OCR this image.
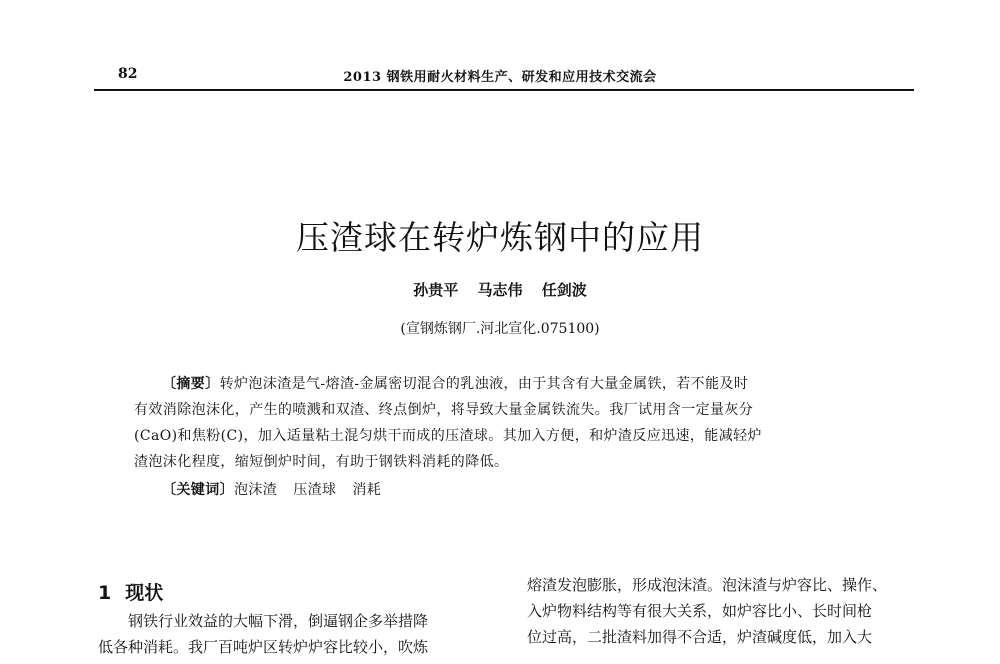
82	2013 钢铁用耐火材料生产、研发和应用技术交流会
压渣球在转炉炼钢中的应用
孙贵平 马志伟 任剑波
(宣钢炼钢厂.河北宣化.075100)

〔摘要〕转炉泡沫渣是气-熔渣-金属密切混合的乳浊液，由于其含有大量金属铁，若不能及时

有效消除泡沫化，产生的喷溅和双渣、终点倒炉，将导致大量金属铁流失。我厂试用含一定量灰分

(CaO)和焦粉(C)，加入适量粘土混匀烘干而成的压渣球。其加入方便，和炉渣反应迅速，能减轻炉

渣泡沫化程度，缩短倒炉时间，有助于钢铁料消耗的降低。

〔关键词〕泡沫渣 压渣球 消耗
1 现状

钢铁行业效益的大幅下滑，倒逼钢企多举措降

低各种消耗。我厂百吨炉区转炉炉容比较小，吹炼

熔渣发泡膨胀，形成泡沫渣。泡沫渣与炉容比、操作、

入炉物料结构等有很大关系，如炉容比小、长时间枪

位过高，二批渣料加得不合适，炉渣碱度低，加入大
